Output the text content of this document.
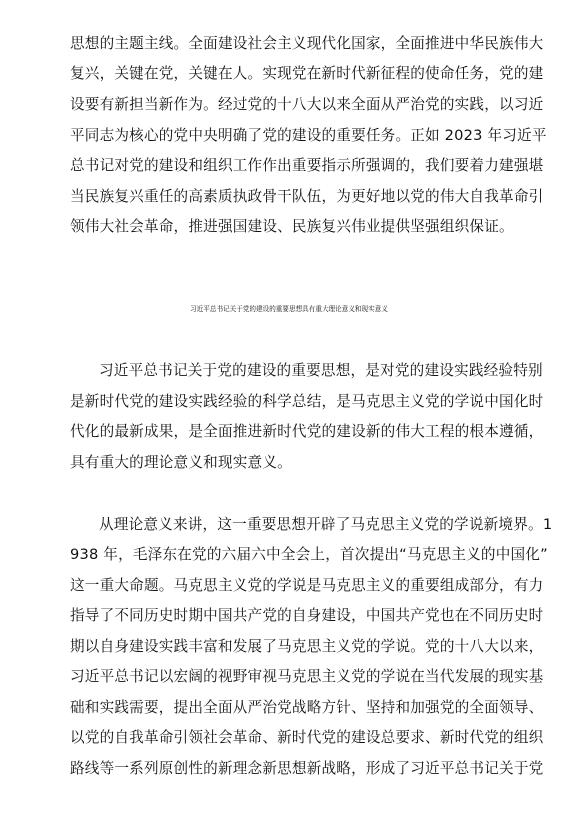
思想的主题主线。全面建设社会主义现代化国家，全面推进中华民族伟大
复兴，关键在党，关键在人。实现党在新时代新征程的使命任务，党的建
设要有新担当新作为。经过党的十八大以来全面从严治党的实践，以习近
平同志为核心的党中央明确了党的建设的重要任务。正如 2023 年习近平
总书记对党的建设和组织工作作出重要指示所强调的，我们要着力建强堪
当民族复兴重任的高素质执政骨干队伍，为更好地以党的伟大自我革命引
领伟大社会革命，推进强国建设、民族复兴伟业提供坚强组织保证。
习近平总书记关于党的建设的重要思想具有重大理论意义和现实意义
习近平总书记关于党的建设的重要思想，是对党的建设实践经验特别
是新时代党的建设实践经验的科学总结，是马克思主义党的学说中国化时
代化的最新成果，是全面推进新时代党的建设新的伟大工程的根本遵循，
具有重大的理论意义和现实意义。
从理论意义来讲，这一重要思想开辟了马克思主义党的学说新境界。1
938 年，毛泽东在党的六届六中全会上，首次提出“马克思主义的中国化”
这一重大命题。马克思主义党的学说是马克思主义的重要组成部分，有力
指导了不同历史时期中国共产党的自身建设，中国共产党也在不同历史时
期以自身建设实践丰富和发展了马克思主义党的学说。党的十八大以来，
习近平总书记以宏阔的视野审视马克思主义党的学说在当代发展的现实基
础和实践需要，提出全面从严治党战略方针、坚持和加强党的全面领导、
以党的自我革命引领社会革命、新时代党的建设总要求、新时代党的组织
路线等一系列原创性的新理念新思想新战略，形成了习近平总书记关于党
